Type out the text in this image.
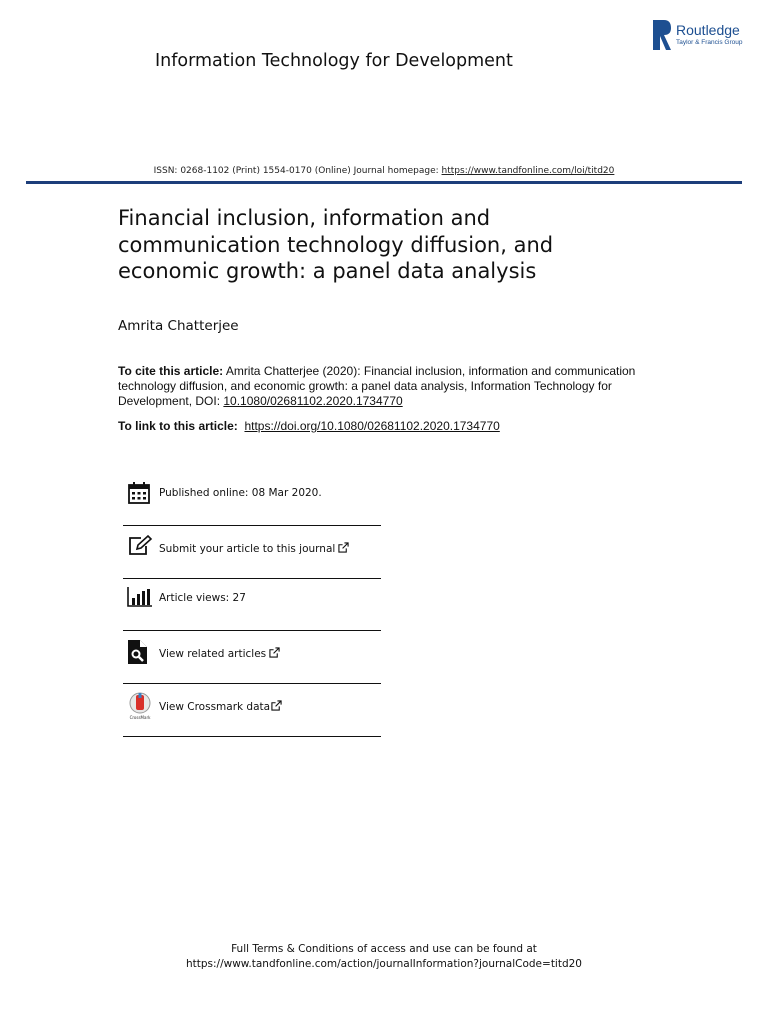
Routledge
Taylor & Francis Group
Information Technology for Development
ISSN: 0268-1102 (Print) 1554-0170 (Online) Journal homepage: https://www.tandfonline.com/loi/titd20
Financial inclusion, information and
communication technology diffusion, and
economic growth: a panel data analysis
Amrita Chatterjee
To cite this article: Amrita Chatterjee (2020): Financial inclusion, information and communication technology diffusion, and economic growth: a panel data analysis, Information Technology for Development, DOI: 10.1080/02681102.2020.1734770
To link to this article: https://doi.org/10.1080/02681102.2020.1734770
Published online: 08 Mar 2020.
Submit your article to this journal
Article views: 27
View related articles
CrossMark
View Crossmark data
Full Terms & Conditions of access and use can be found at
https://www.tandfonline.com/action/journalInformation?journalCode=titd20
